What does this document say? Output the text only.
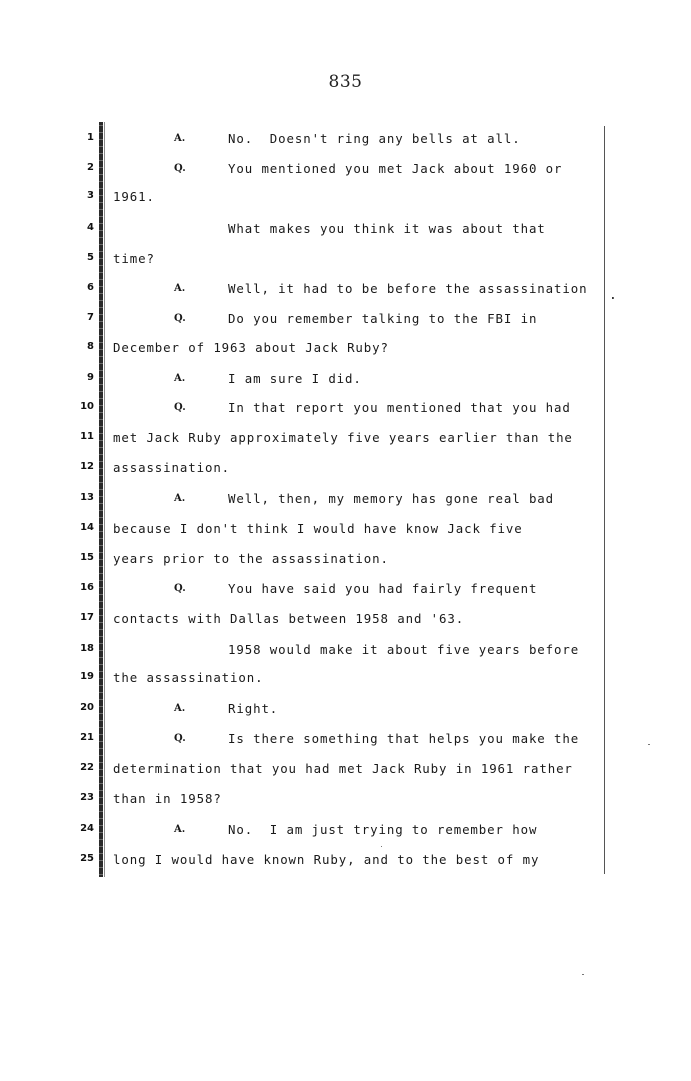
835
.
1	A.	No.  Doesn't ring any bells at all.
2	Q.	You mentioned you met Jack about 1960 or
3 1961.
4	What makes you think it was about that
5 time?
6	A.	Well, it had to be before the assassination
7	Q.	Do you remember talking to the FBI in
8 December of 1963 about Jack Ruby?
9	A.	I am sure I did.
10	Q.	In that report you mentioned that you had
11 met Jack Ruby approximately five years earlier than the
12 assassination.
13	A.	Well, then, my memory has gone real bad
14 because I don't think I would have know Jack five
15 years prior to the assassination.
16	Q.	You have said you had fairly frequent
17 contacts with Dallas between 1958 and '63.
18	1958 would make it about five years before
19 the assassination.
20	A.	Right.
21	Q.	Is there something that helps you make the
22 determination that you had met Jack Ruby in 1961 rather
23 than in 1958?
24	A.	No.  I am just trying to remember how
25 long I would have known Ruby, and to the best of my
